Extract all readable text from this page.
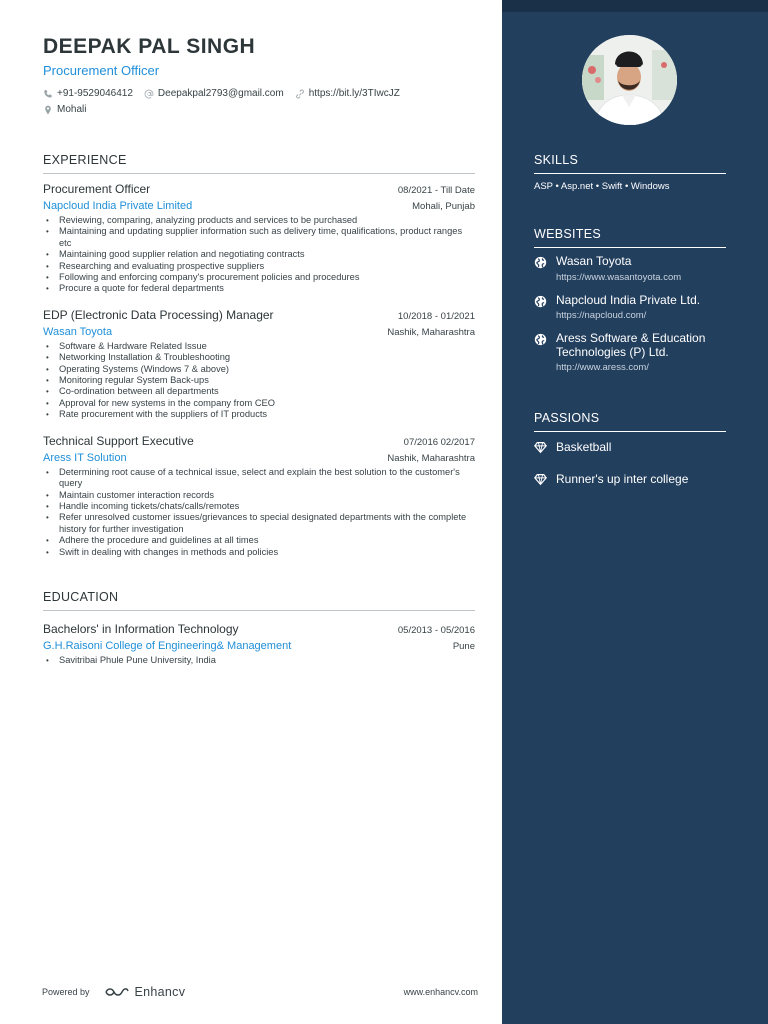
DEEPAK PAL SINGH
Procurement Officer
+91-9529046412	Deepakpal2793@gmail.com	https://bit.ly/3TIwcJZ
Mohali
EXPERIENCE
Procurement Officer	08/2021 - Till Date
Napcloud India Private Limited	Mohali, Punjab
• Reviewing, comparing, analyzing products and services to be purchased
• Maintaining and updating supplier information such as delivery time, qualifications, product ranges etc
• Maintaining good supplier relation and negotiating contracts
• Researching and evaluating prospective suppliers
• Following and enforcing company's procurement policies and procedures
• Procure a quote for federal departments
EDP (Electronic Data Processing) Manager	10/2018 - 01/2021
Wasan Toyota	Nashik, Maharashtra
• Software & Hardware Related Issue
• Networking Installation & Troubleshooting
• Operating Systems (Windows 7 & above)
• Monitoring regular System Back-ups
• Co-ordination between all departments
• Approval for new systems in the company from CEO
• Rate procurement with the suppliers of IT products
Technical Support Executive	07/2016 02/2017
Aress IT Solution	Nashik, Maharashtra
• Determining root cause of a technical issue, select and explain the best solution to the customer's query
• Maintain customer interaction records
• Handle incoming tickets/chats/calls/remotes
• Refer unresolved customer issues/grievances to special designated departments with the complete history for further investigation
• Adhere the procedure and guidelines at all times
• Swift in dealing with changes in methods and policies
EDUCATION
Bachelors' in Information Technology	05/2013 - 05/2016
G.H.Raisoni College of Engineering& Management	Pune
• Savitribai Phule Pune University, India
SKILLS
ASP • Asp.net • Swift • Windows
WEBSITES
Wasan Toyota
https://www.wasantoyota.com
Napcloud India Private Ltd.
https://napcloud.com/
Aress Software & Education Technologies (P) Ltd.
http://www.aress.com/
PASSIONS
Basketball
Runner's up inter college
Powered by	Enhancv	www.enhancv.com
